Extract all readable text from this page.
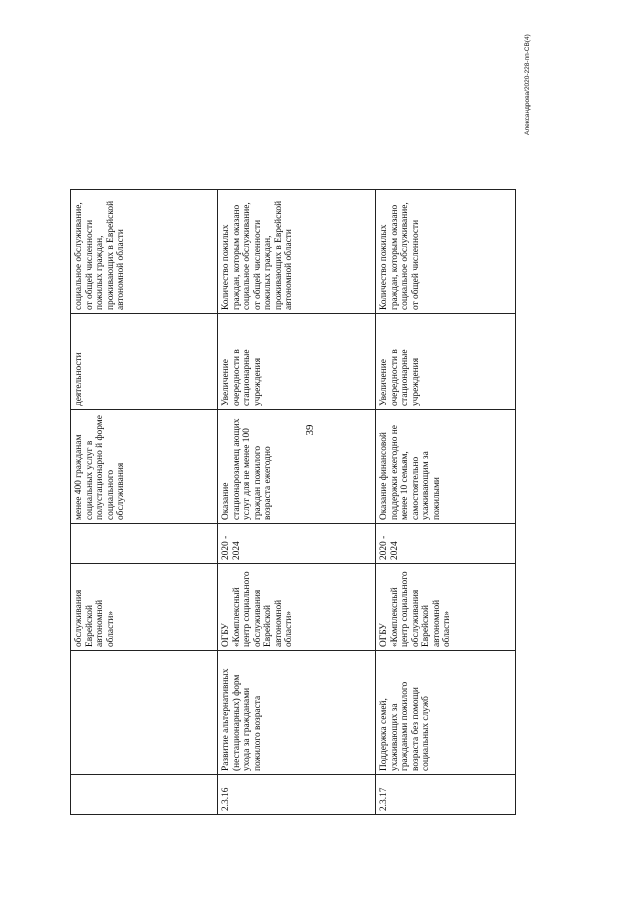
39
Александрова/2020-228-пп-СВ(4)
		обслуживания Еврейской автономной области»		менее 400 гражданам социальных услуг в полустационарно й форме социального обслуживания	деятельности	социальное обслуживание, от общей численности пожилых граждан, проживающих в Еврейской автономной области
2.3.16	Развитие альтернативных (нестационарных) форм ухода за гражданами пожилого возраста	ОГБУ «Комплексный центр социального обслуживания Еврейской автономной области»	2020 - 2024	Оказание стационарозамещ ающих услуг для не менее 100 граждан пожилого возраста ежегодно	Увеличение очередности в стационарные учреждения	Количество пожилых граждан, которым оказано социальное обслуживание, от общей численности пожилых граждан, проживающих в Еврейской автономной области
2.3.17	Поддержка семей, ухаживающих за гражданами пожилого возраста без помощи социальных служб	ОГБУ «Комплексный центр социального обслуживания Еврейской автономной области»	2020 - 2024	Оказание финансовой поддержки ежегодно не менее 10 семьям, самостоятельно ухаживающим за пожилыми	Увеличение очередности в стационарные учреждения	Количество пожилых граждан, которым оказано социальное обслуживание, от общей численности
